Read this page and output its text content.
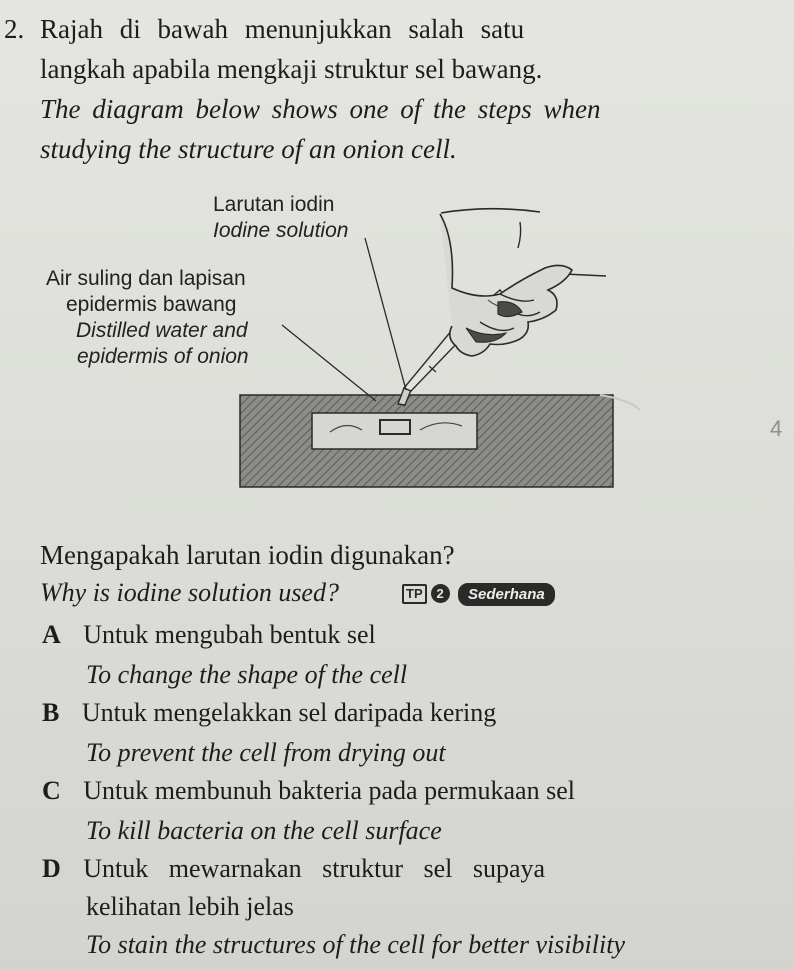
2. Rajah di bawah menunjukkan salah satu
langkah apabila mengkaji struktur sel bawang.
The diagram below shows one of the steps when
studying the structure of an onion cell.
Larutan iodin
Iodine solution
Air suling dan lapisan
epidermis bawang
Distilled water and
epidermis of onion
4
Mengapakah larutan iodin digunakan?
Why is iodine solution used?	TP 2	Sederhana
A Untuk mengubah bentuk sel
To change the shape of the cell
B Untuk mengelakkan sel daripada kering
To prevent the cell from drying out
C Untuk membunuh bakteria pada permukaan sel
To kill bacteria on the cell surface
D Untuk mewarnakan struktur sel supaya
kelihatan lebih jelas
To stain the structures of the cell for better visibility
